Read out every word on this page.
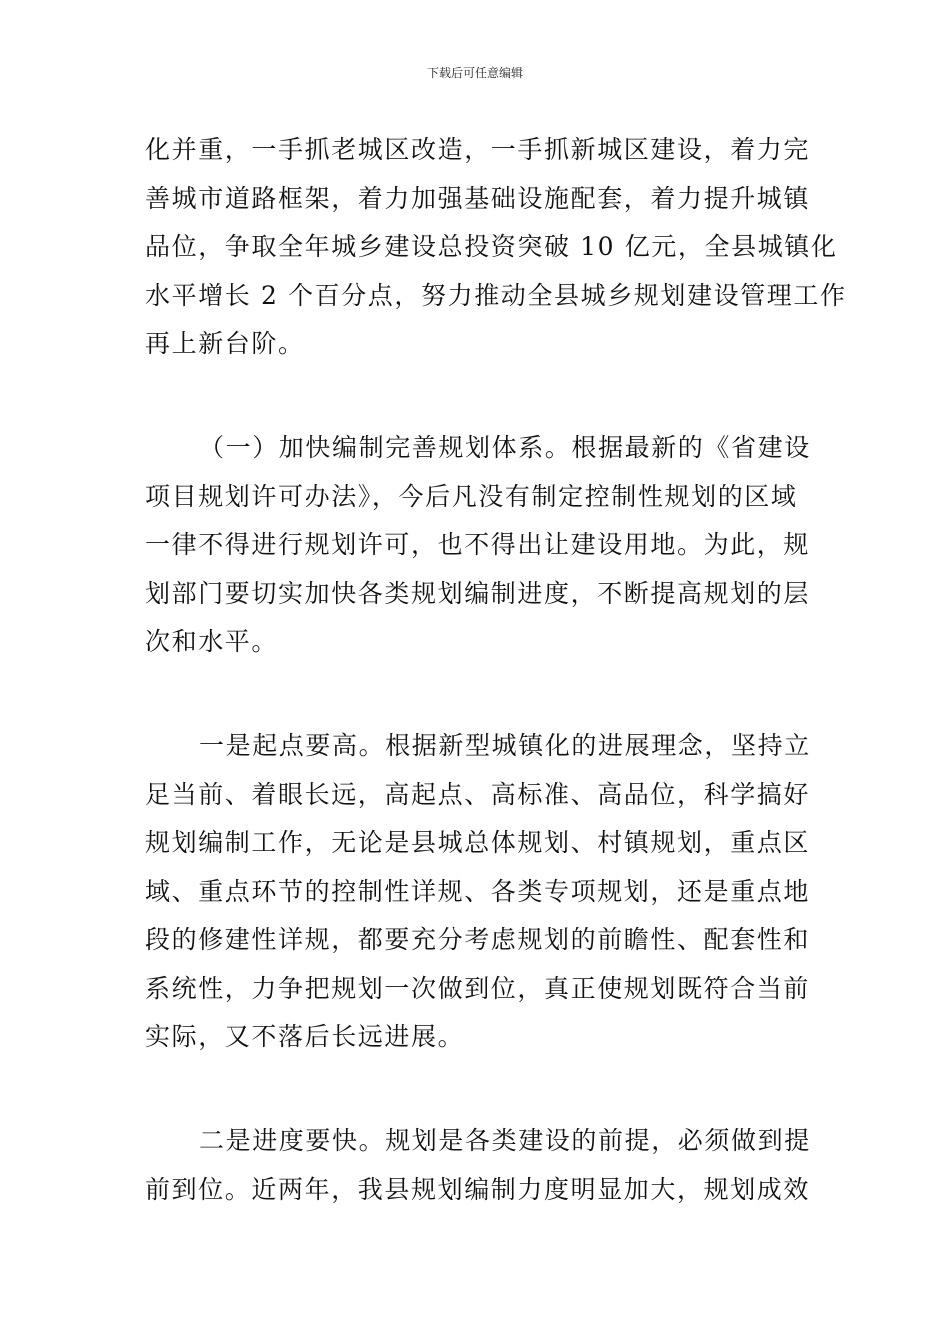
下载后可任意编辑
化并重，一手抓老城区改造，一手抓新城区建设，着力完
善城市道路框架，着力加强基础设施配套，着力提升城镇
品位，争取全年城乡建设总投资突破 10 亿元，全县城镇化
水平增长 2 个百分点，努力推动全县城乡规划建设管理工作
再上新台阶。
（一）加快编制完善规划体系。根据最新的《省建设
项目规划许可办法》，今后凡没有制定控制性规划的区域
一律不得进行规划许可，也不得出让建设用地。为此，规
划部门要切实加快各类规划编制进度，不断提高规划的层
次和水平。
一是起点要高。根据新型城镇化的进展理念，坚持立
足当前、着眼长远，高起点、高标准、高品位，科学搞好
规划编制工作，无论是县城总体规划、村镇规划，重点区
域、重点环节的控制性详规、各类专项规划，还是重点地
段的修建性详规，都要充分考虑规划的前瞻性、配套性和
系统性，力争把规划一次做到位，真正使规划既符合当前
实际，又不落后长远进展。
二是进度要快。规划是各类建设的前提，必须做到提
前到位。近两年，我县规划编制力度明显加大，规划成效
